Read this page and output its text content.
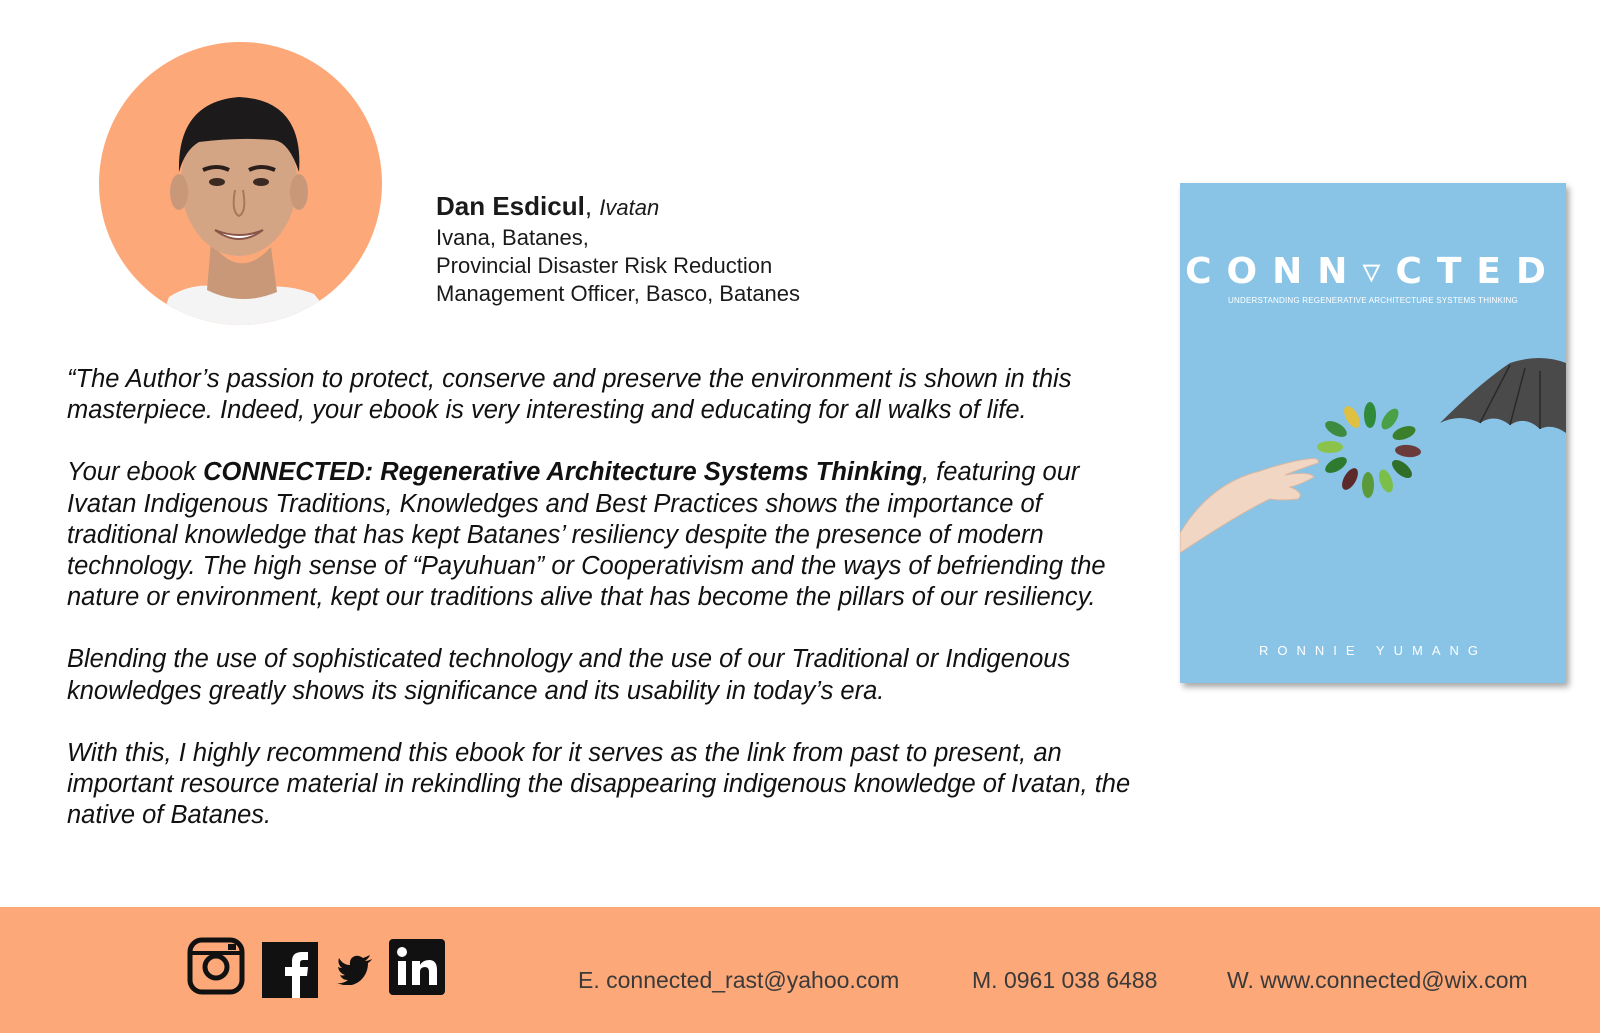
Dan Esdicul, Ivatan
Ivana, Batanes,
Provincial Disaster Risk Reduction
Management Officer, Basco, Batanes

“The Author’s passion to protect, conserve and preserve the environment is shown in this masterpiece. Indeed, your ebook is very interesting and educating for all walks of life.

Your ebook CONNECTED: Regenerative Architecture Systems Thinking, featuring our Ivatan Indigenous Traditions, Knowledges and Best Practices shows the importance of traditional knowledge that has kept Batanes’ resiliency despite the presence of modern technology. The high sense of “Payuhuan” or Cooperativism and the ways of befriending the nature or environment, kept our traditions alive that has become the pillars of our resiliency.

Blending the use of sophisticated technology and the use of our Traditional or Indigenous knowledges greatly shows its significance and its usability in today’s era.

With this, I highly recommend this ebook for it serves as the link from past to present, an important resource material in rekindling the disappearing indigenous knowledge of Ivatan, the native of Batanes.

CONN▿CTED
UNDERSTANDING REGENERATIVE ARCHITECTURE SYSTEMS THINKING
RONNIE YUMANG
E. connected_rast@yahoo.com	M. 0961 038 6488	W. www.connected@wix.com
